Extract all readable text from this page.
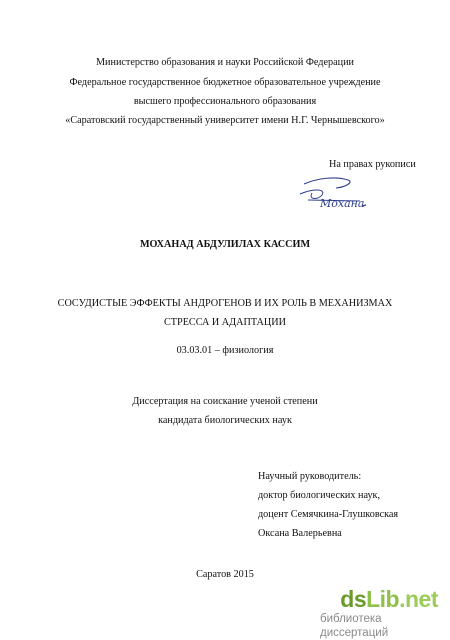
Министерство образования и науки Российской Федерации
Федеральное государственное бюджетное образовательное учреждение
высшего профессионального образования
«Саратовский государственный университет имени Н.Г. Чернышевского»
На правах рукописи
Мохана
МОХАНАД АБДУЛИЛАХ КАССИМ
СОСУДИСТЫЕ ЭФФЕКТЫ АНДРОГЕНОВ И ИХ РОЛЬ В МЕХАНИЗМАХ
СТРЕССА И АДАПТАЦИИ
03.03.01 – физиология
Диссертация на соискание ученой степени
кандидата биологических наук
Научный руководитель:
доктор биологических наук,
доцент Семячкина-Глушковская
Оксана Валерьевна
Саратов 2015
dsLib.net
библиотека диссертаций
